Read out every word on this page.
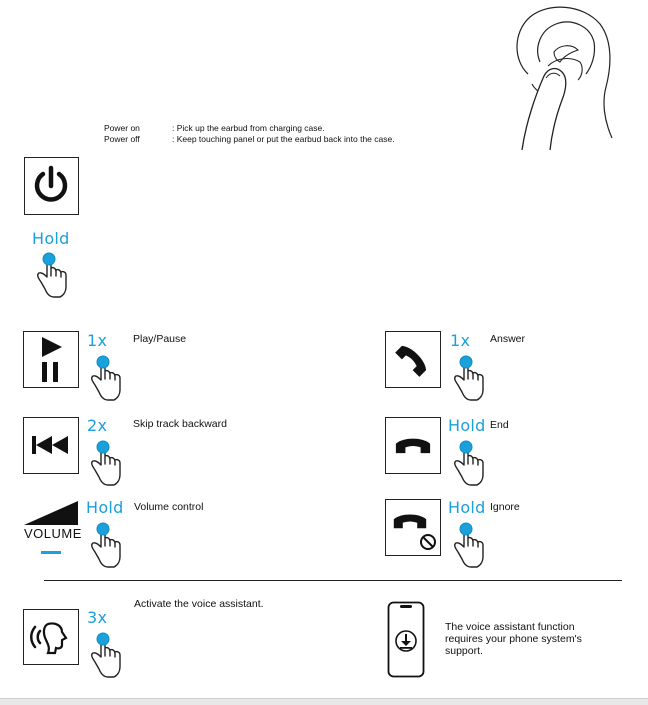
Power on	: Pick up the earbud from charging case.
Power off	: Keep touching panel or put the earbud back into the case.
Hold
1x Play/Pause
2x Skip track backward
VOLUME
Hold Volume control
1x Answer
Hold End
Hold Ignore
3x
Activate the voice assistant.
The voice assistant function requires your phone system's support.
